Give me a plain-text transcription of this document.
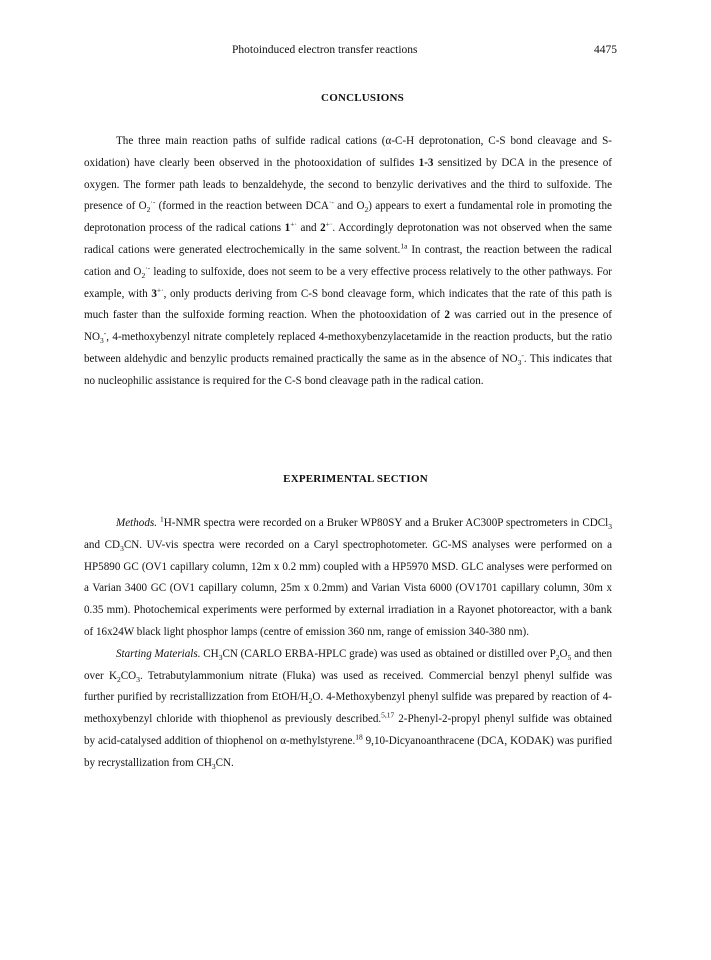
Photoinduced electron transfer reactions	4475
CONCLUSIONS

The three main reaction paths of sulfide radical cations (α-C-H deprotonation, C-S bond cleavage and S-oxidation) have clearly been observed in the photooxidation of sulfides 1-3 sensitized by DCA in the presence of oxygen. The former path leads to benzaldehyde, the second to benzylic derivatives and the third to sulfoxide. The presence of $O_2^{\cdot-}$ (formed in the reaction between DCA·- and $O_2$) appears to exert a fundamental role in promoting the deprotonation process of the radical cations 1+· and 2+·. Accordingly deprotonation was not observed when the same radical cations were generated electrochemically in the same solvent.$^{1a}$ In contrast, the reaction between the radical cation and $O_2^{\cdot-}$ leading to sulfoxide, does not seem to be a very effective process relatively to the other pathways. For example, with 3+·, only products deriving from C-S bond cleavage form, which indicates that the rate of this path is much faster than the sulfoxide forming reaction. When the photooxidation of 2 was carried out in the presence of $NO_3^-$, 4-methoxybenzyl nitrate completely replaced 4-methoxybenzylacetamide in the reaction products, but the ratio between aldehydic and benzylic products remained practically the same as in the absence of $NO_3^-$. This indicates that no nucleophilic assistance is required for the C-S bond cleavage path in the radical cation.

EXPERIMENTAL SECTION

Methods. $^1$H-NMR spectra were recorded on a Bruker WP80SY and a Bruker AC300P spectrometers in CDCl$_3$ and $CD_3CN$. UV-vis spectra were recorded on a Caryl spectrophotometer. GC-MS analyses were performed on a HP5890 GC (OV1 capillary column, 12m x 0.2 mm) coupled with a HP5970 MSD. GLC analyses were performed on a Varian 3400 GC (OV1 capillary column, 25m x 0.2mm) and Varian Vista 6000 (OV1701 capillary column, 30m x 0.35 mm). Photochemical experiments were performed by external irradiation in a Rayonet photoreactor, with a bank of 16x24W black light phosphor lamps (centre of emission 360 nm, range of emission 340-380 nm).

Starting Materials. $CH_3CN$ (CARLO ERBA-HPLC grade) was used as obtained or distilled over $P_2O_5$ and then over $K_2CO_3$. Tetrabutylammonium nitrate (Fluka) was used as received. Commercial benzyl phenyl sulfide was further purified by recristallizzation from EtOH/$H_2O$. 4-Methoxybenzyl phenyl sulfide was prepared by reaction of 4-methoxybenzyl chloride with thiophenol as previously described.$^{5,17}$ 2-Phenyl-2-propyl phenyl sulfide was obtained by acid-catalysed addition of thiophenol on α-methylstyrene.$^{18}$ 9,10-Dicyanoanthracene (DCA, KODAK) was purified by recrystallization from $CH_3CN$.
